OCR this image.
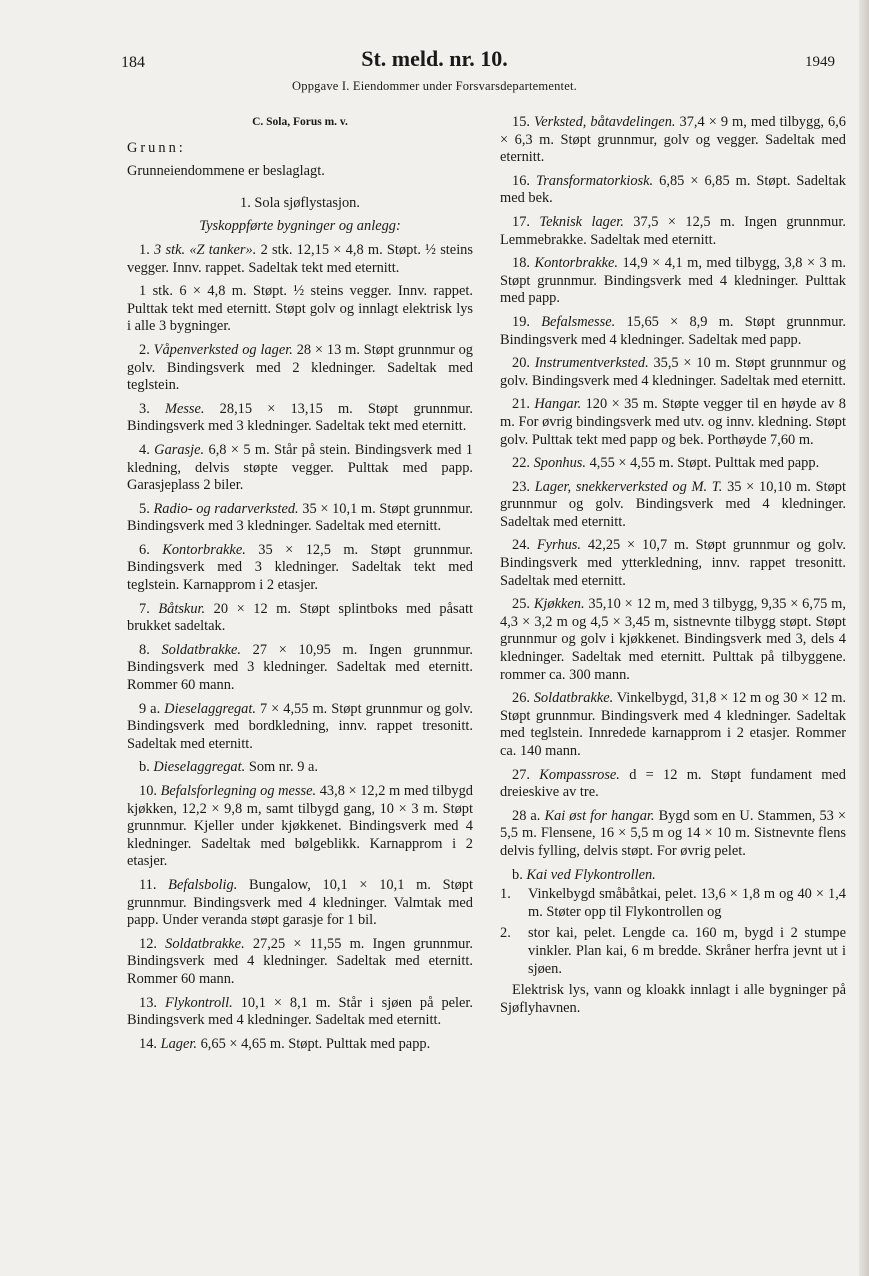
184	St. meld. nr. 10.	1949
Oppgave I. Eiendommer under Forsvarsdepartementet.

C. Sola, Forus m. v.

Grunn:

Grunneiendommene er beslaglagt.

1. Sola sjøflystasjon.

Tyskoppførte bygninger og anlegg:

1. 3 stk. «Z tanker». 2 stk. 12,15 × 4,8 m. Støpt. ½ steins vegger. Innv. rappet. Sadeltak tekt med eternitt.

1 stk. 6 × 4,8 m. Støpt. ½ steins vegger. Innv. rappet. Pulttak tekt med eternitt. Støpt golv og innlagt elektrisk lys i alle 3 bygninger.

2. Våpenverksted og lager. 28 × 13 m. Støpt grunnmur og golv. Bindingsverk med 2 kledninger. Sadeltak med teglstein.

3. Messe. 28,15 × 13,15 m. Støpt grunnmur. Bindingsverk med 3 kledninger. Sadeltak tekt med eternitt.

4. Garasje. 6,8 × 5 m. Står på stein. Bindingsverk med 1 kledning, delvis støpte vegger. Pulttak med papp. Garasjeplass 2 biler.

5. Radio- og radarverksted. 35 × 10,1 m. Støpt grunnmur. Bindingsverk med 3 kledninger. Sadeltak med eternitt.

6. Kontorbrakke. 35 × 12,5 m. Støpt grunnmur. Bindingsverk med 3 kledninger. Sadeltak tekt med teglstein. Karnapprom i 2 etasjer.

7. Båtskur. 20 × 12 m. Støpt splintboks med påsatt brukket sadeltak.

8. Soldatbrakke. 27 × 10,95 m. Ingen grunnmur. Bindingsverk med 3 kledninger. Sadeltak med eternitt. Rommer 60 mann.

9 a. Dieselaggregat. 7 × 4,55 m. Støpt grunnmur og golv. Bindingsverk med bordkledning, innv. rappet tresonitt. Sadeltak med eternitt.

b. Dieselaggregat. Som nr. 9 a.

10. Befalsforlegning og messe. 43,8 × 12,2 m med tilbygd kjøkken, 12,2 × 9,8 m, samt tilbygd gang, 10 × 3 m. Støpt grunnmur. Kjeller under kjøkkenet. Bindingsverk med 4 kledninger. Sadeltak med bølgeblikk. Karnapprom i 2 etasjer.

11. Befalsbolig. Bungalow, 10,1 × 10,1 m. Støpt grunnmur. Bindingsverk med 4 kledninger. Valmtak med papp. Under veranda støpt garasje for 1 bil.

12. Soldatbrakke. 27,25 × 11,55 m. Ingen grunnmur. Bindingsverk med 4 kledninger. Sadeltak med eternitt. Rommer 60 mann.

13. Flykontroll. 10,1 × 8,1 m. Står i sjøen på peler. Bindingsverk med 4 kledninger. Sadeltak med eternitt.

14. Lager. 6,65 × 4,65 m. Støpt. Pulttak med papp.

15. Verksted, båtavdelingen. 37,4 × 9 m, med tilbygg, 6,6 × 6,3 m. Støpt grunnmur, golv og vegger. Sadeltak med eternitt.

16. Transformatorkiosk. 6,85 × 6,85 m. Støpt. Sadeltak med bek.

17. Teknisk lager. 37,5 × 12,5 m. Ingen grunnmur. Lemmebrakke. Sadeltak med eternitt.

18. Kontorbrakke. 14,9 × 4,1 m, med tilbygg, 3,8 × 3 m. Støpt grunnmur. Bindingsverk med 4 kledninger. Pulttak med papp.

19. Befalsmesse. 15,65 × 8,9 m. Støpt grunnmur. Bindingsverk med 4 kledninger. Sadeltak med papp.

20. Instrumentverksted. 35,5 × 10 m. Støpt grunnmur og golv. Bindingsverk med 4 kledninger. Sadeltak med eternitt.

21. Hangar. 120 × 35 m. Støpte vegger til en høyde av 8 m. For øvrig bindingsverk med utv. og innv. kledning. Støpt golv. Pulttak tekt med papp og bek. Porthøyde 7,60 m.

22. Sponhus. 4,55 × 4,55 m. Støpt. Pulttak med papp.

23. Lager, snekkerverksted og M. T. 35 × 10,10 m. Støpt grunnmur og golv. Bindingsverk med 4 kledninger. Sadeltak med eternitt.

24. Fyrhus. 42,25 × 10,7 m. Støpt grunnmur og golv. Bindingsverk med ytterkledning, innv. rappet tresonitt. Sadeltak med eternitt.

25. Kjøkken. 35,10 × 12 m, med 3 tilbygg, 9,35 × 6,75 m, 4,3 × 3,2 m og 4,5 × 3,45 m, sistnevnte tilbygg støpt. Støpt grunnmur og golv i kjøkkenet. Bindingsverk med 3, dels 4 kledninger. Sadeltak med eternitt. Pulttak på tilbyggene. rommer ca. 300 mann.

26. Soldatbrakke. Vinkelbygd, 31,8 × 12 m og 30 × 12 m. Støpt grunnmur. Bindingsverk med 4 kledninger. Sadeltak med teglstein. Innredede karnapprom i 2 etasjer. Rommer ca. 140 mann.

27. Kompassrose. d = 12 m. Støpt fundament med dreieskive av tre.

28 a. Kai øst for hangar. Bygd som en U. Stammen, 53 × 5,5 m. Flensene, 16 × 5,5 m og 14 × 10 m. Sistnevnte flens delvis fylling, delvis støpt. For øvrig pelet.

b. Kai ved Flykontrollen.

1.	Vinkelbygd småbåtkai, pelet. 13,6 × 1,8 m og 40 × 1,4 m. Støter opp til Flykontrollen og
2.	stor kai, pelet. Lengde ca. 160 m, bygd i 2 stumpe vinkler. Plan kai, 6 m bredde. Skråner herfra jevnt ut i sjøen.

Elektrisk lys, vann og kloakk innlagt i alle bygninger på Sjøflyhavnen.
